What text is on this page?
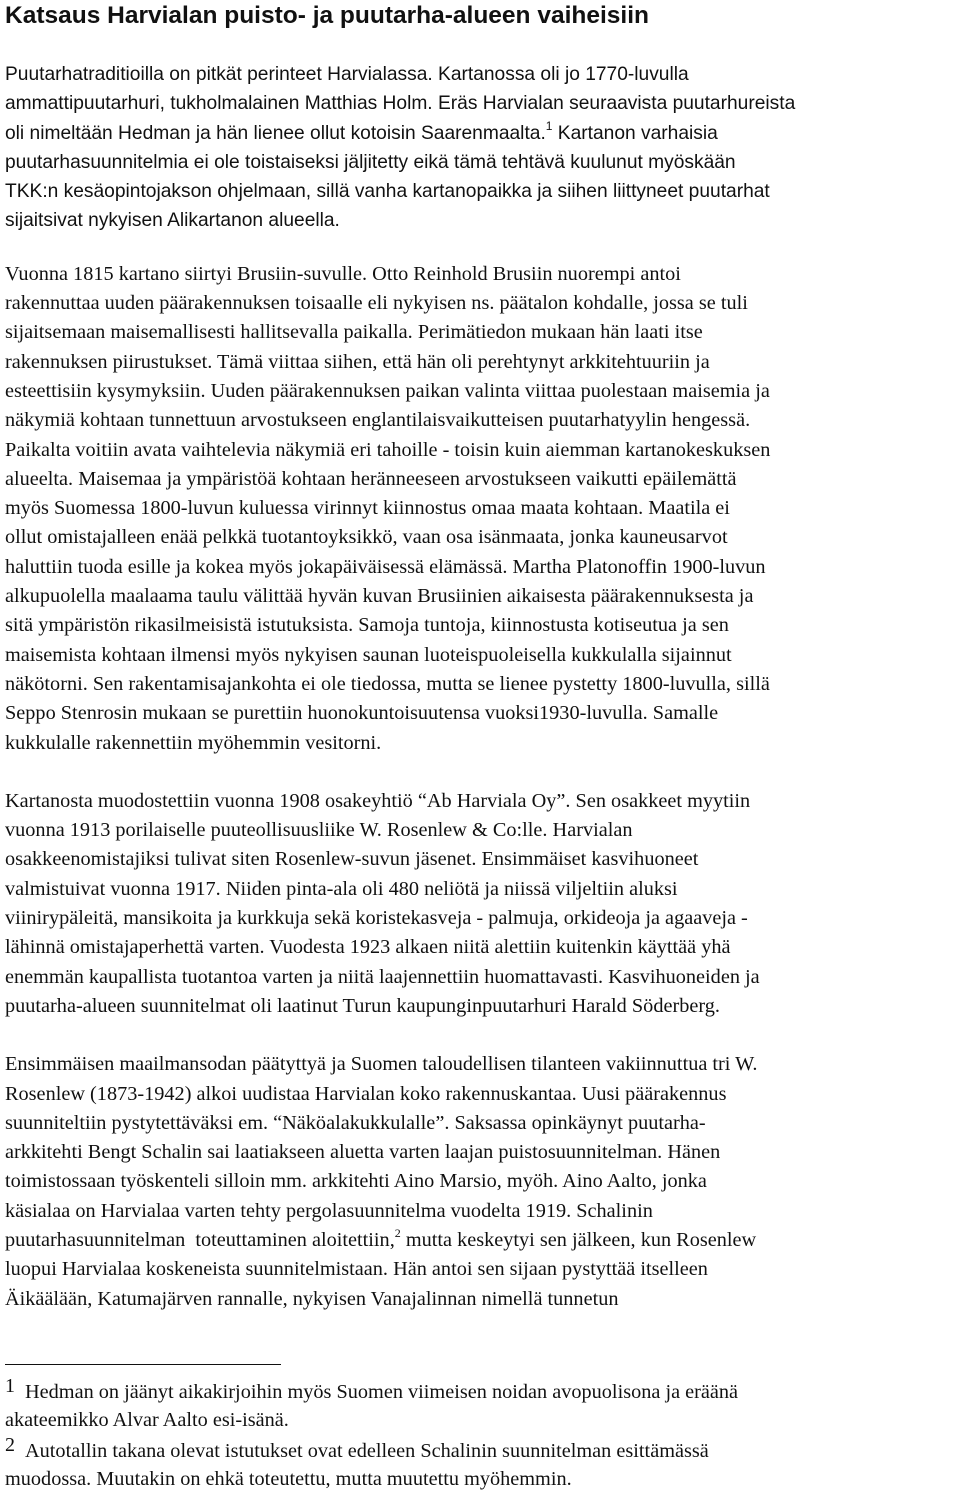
Katsaus Harvialan puisto- ja puutarha-alueen vaiheisiin
Puutarhatraditioilla on pitkät perinteet Harvialassa. Kartanossa oli jo 1770-luvulla
ammattipuutarhuri, tukholmalainen Matthias Holm. Eräs Harvialan seuraavista puutarhureista
oli nimeltään Hedman ja hän lienee ollut kotoisin Saarenmaalta.$^1$ Kartanon varhaisia
puutarhasuunnitelmia ei ole toistaiseksi jäljitetty eikä tämä tehtävä kuulunut myöskään
TKK:n kesäopintojakson ohjelmaan, sillä vanha kartanopaikka ja siihen liittyneet puutarhat
sijaitsivat nykyisen Alikartanon alueella.
Vuonna 1815 kartano siirtyi Brusiin-suvulle. Otto Reinhold Brusiin nuorempi antoi
rakennuttaa uuden päärakennuksen toisaalle eli nykyisen ns. päätalon kohdalle, jossa se tuli
sijaitsemaan maisemallisesti hallitsevalla paikalla. Perimätiedon mukaan hän laati itse
rakennuksen piirustukset. Tämä viittaa siihen, että hän oli perehtynyt arkkitehtuuriin ja
esteettisiin kysymyksiin. Uuden päärakennuksen paikan valinta viittaa puolestaan maisemia ja
näkymiä kohtaan tunnettuun arvostukseen englantilaisvaikutteisen puutarhatyylin hengessä.
Paikalta voitiin avata vaihtelevia näkymiä eri tahoille - toisin kuin aiemman kartanokeskuksen
alueelta. Maisemaa ja ympäristöä kohtaan heränneeseen arvostukseen vaikutti epäilemättä
myös Suomessa 1800-luvun kuluessa virinnyt kiinnostus omaa maata kohtaan. Maatila ei
ollut omistajalleen enää pelkkä tuotantoyksikkö, vaan osa isänmaata, jonka kauneusarvot
haluttiin tuoda esille ja kokea myös jokapäiväisessä elämässä. Martha Platonoffin 1900-luvun
alkupuolella maalaama taulu välittää hyvän kuvan Brusiinien aikaisesta päärakennuksesta ja
sitä ympäristön rikasilmeisistä istutuksista. Samoja tuntoja, kiinnostusta kotiseutua ja sen
maisemista kohtaan ilmensi myös nykyisen saunan luoteispuoleisella kukkulalla sijainnut
näkötorni. Sen rakentamisajankohta ei ole tiedossa, mutta se lienee pystetty 1800-luvulla, sillä
Seppo Stenrosin mukaan se purettiin huonokuntoisuutensa vuoksi1930-luvulla. Samalle
kukkulalle rakennettiin myöhemmin vesitorni.
Kartanosta muodostettiin vuonna 1908 osakeyhtiö “Ab Harviala Oy”. Sen osakkeet myytiin
vuonna 1913 porilaiselle puuteollisuusliike W. Rosenlew & Co:lle. Harvialan
osakkeenomistajiksi tulivat siten Rosenlew-suvun jäsenet. Ensimmäiset kasvihuoneet
valmistuivat vuonna 1917. Niiden pinta-ala oli 480 neliötä ja niissä viljeltiin aluksi
viinirypäleitä, mansikoita ja kurkkuja sekä koristekasveja - palmuja, orkideoja ja agaaveja -
lähinnä omistajaperhettä varten. Vuodesta 1923 alkaen niitä alettiin kuitenkin käyttää yhä
enemmän kaupallista tuotantoa varten ja niitä laajennettiin huomattavasti. Kasvihuoneiden ja
puutarha-alueen suunnitelmat oli laatinut Turun kaupunginpuutarhuri Harald Söderberg.
Ensimmäisen maailmansodan päätyttyä ja Suomen taloudellisen tilanteen vakiinnuttua tri W.
Rosenlew (1873-1942) alkoi uudistaa Harvialan koko rakennuskantaa. Uusi päärakennus
suunniteltiin pystytettäväksi em. “Näköalakukkulalle”. Saksassa opinkäynyt puutarha-
arkkitehti Bengt Schalin sai laatiakseen aluetta varten laajan puistosuunnitelman. Hänen
toimistossaan työskenteli silloin mm. arkkitehti Aino Marsio, myöh. Aino Aalto, jonka
käsialaa on Harvialaa varten tehty pergolasuunnitelma vuodelta 1919. Schalinin
puutarhasuunnitelman  toteuttaminen aloitettiin,$^2$ mutta keskeytyi sen jälkeen, kun Rosenlew
luopui Harvialaa koskeneista suunnitelmistaan. Hän antoi sen sijaan pystyttää itselleen
Äikäälään, Katumajärven rannalle, nykyisen Vanajalinnan nimellä tunnetun
1 Hedman on jäänyt aikakirjoihin myös Suomen viimeisen noidan avopuolisona ja eräänä
akateemikko Alvar Aalto esi-isänä.
2 Autotallin takana olevat istutukset ovat edelleen Schalinin suunnitelman esittämässä
muodossa. Muutakin on ehkä toteutettu, mutta muutettu myöhemmin.
